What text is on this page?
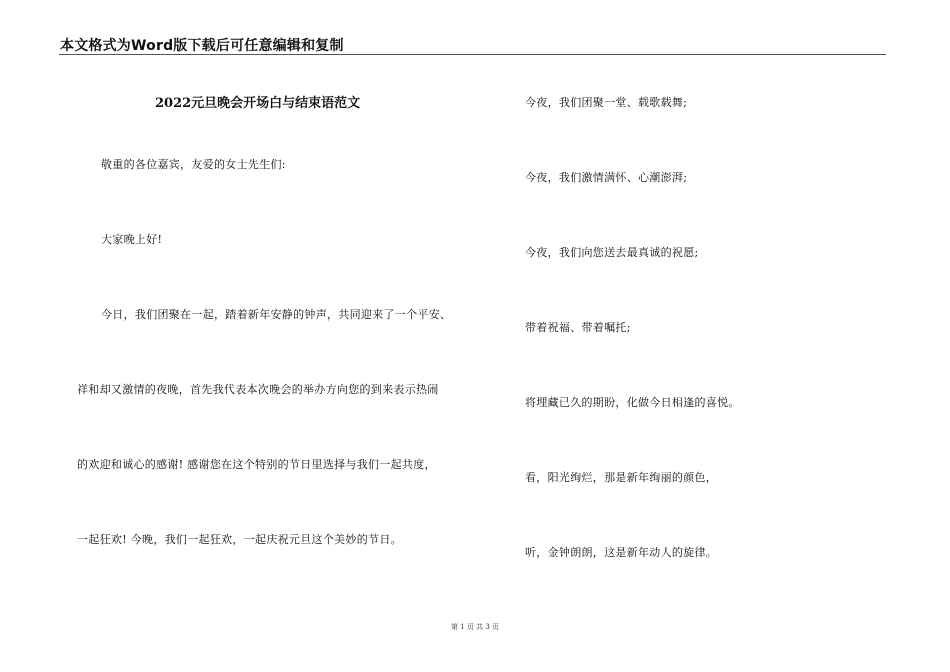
本文格式为Word版下载后可任意编辑和复制
2022元旦晚会开场白与结束语范文
敬重的各位嘉宾，友爱的女士先生们:
大家晚上好!
今日，我们团聚在一起，踏着新年安静的钟声，共同迎来了一个平安、
祥和却又激情的夜晚，首先我代表本次晚会的举办方向您的到来表示热闹
的欢迎和诚心的感谢! 感谢您在这个特别的节日里选择与我们一起共度，
一起狂欢! 今晚，我们一起狂欢，一起庆祝元旦这个美妙的节日。
今夜，我们团聚一堂、载歌载舞;
今夜，我们激情满怀、心潮澎湃;
今夜，我们向您送去最真诚的祝愿;
带着祝福、带着嘱托;
将埋藏已久的期盼，化做今日相逢的喜悦。
看，阳光绚烂，那是新年绚丽的颜色，
听，金钟朗朗，这是新年动人的旋律。
第 1 页 共 3 页
